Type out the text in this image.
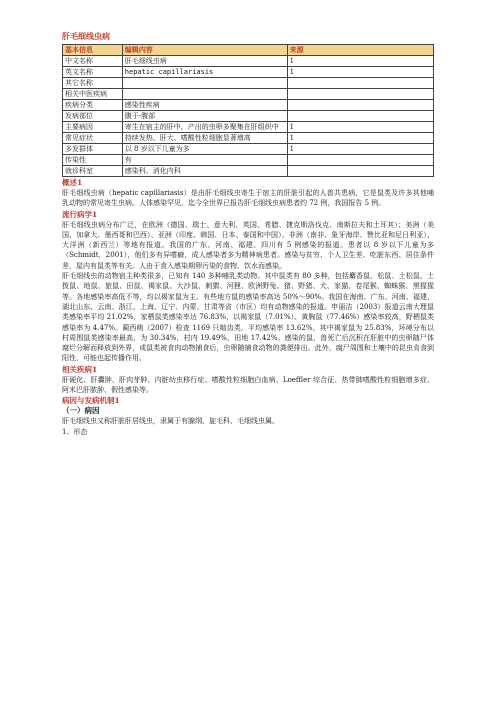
肝毛细线虫病
基本信息	编辑内容	来源
中文名称	肝毛细线虫病	1
英文名称	hepatic capillariasis	1
其它名称		
相关中医疾病		
疾病分类	感染性疾病	
发病部位	腹于-腹部	
主要病因	寄生在宿主的肝中，产出的虫卵多聚集在肝组织中	1
常见症状	持续发热、肝大、嗜酸性粒细胞显著增高	1
多发群体	以 8 岁以下儿童为多	1
传染性	有	
就诊科室	感染科、消化内科	
概述1

肝毛细线虫病（hepatic capillariasis）是由肝毛细线虫寄生于宿主的肝脏引起的人兽共患病，它是鼠类及许多其他哺乳动物的常见寄生虫病。人体感染罕见，迄今全世界已报告肝毛细线虫病患者约 72 例，我国报告 5 例。

流行病学1

肝毛细线虫病分布广泛，在欧洲（德国、瑞士、意大利、英国、希腊、捷克斯洛伐克、南斯拉夫和土耳其）；美洲（美国、加拿大、墨西哥和巴西）、亚洲（印度、韩国、日本、泰国和中国）、非洲（南非、象牙海岸、赞比亚和尼日利亚）、大洋洲（新西兰）等地有报道。我国的广东、河南、福建、四川有 5 例感染的报道。患者以 8 岁以下儿童为多（Schmidt，2001），他们多有异嗜癖，成人感染者多为精神病患者。感染与贫穷、个人卫生差、吃脏东西、居住条件差，屋内有鼠类等有关。人由于食入感染期卵污染的食物、饮水而感染。

肝毛细线虫的动物宿主种类很多，已知有 140 多种哺乳类动物。其中鼠类有 80 多种，包括麝香鼠、松鼠、土松鼠、土拨鼠、地鼠、旅鼠、田鼠、褐家鼠、大沙鼠、刺猬、河狸、欧洲野兔、猪、野猪、犬、家猫、卷尾猴、蜘蛛猴、黑猩猩等。各地感染率高低不等，均以褐家鼠为主。有些地方鼠的感染率高达 50%～90%。我国在海南、广东、河南、福建、湖北山东、云南、浙江、上海、辽宁、内蒙、甘肃等省（市区）均有动物感染的报道。申丽洁（2003）报道云南大理鼠类感染率平均 21.02%，家栖鼠类感染率达 76.83%，以褐家鼠（7.01%）、黄胸鼠（77.46%）感染率较高，野栖鼠类感染率为 4.47%。蔺西萌（2007）检查 1169 只啮齿类，平均感染率 13.62%，其中褐家鼠为 25.83%，环境分布以村周围鼠类感染率最高，为 30.34%，村内 19.49%，田地 17.42%。感染的鼠、兽死亡后沉积在肝脏中的虫卵随尸体腐烂分解而释放到外界，或鼠类被食肉动物捕食后，虫卵随捕食动物的粪便排出。此外，腐尸周围和土壤中的昆虫肯食到阳性，可能也起传播作用。

相关疾病1

肝硬化、肝囊肿、肝肉芽肿、内脏幼虫移行症、嗜酸性粒细胞白血病、Loeffler 综合征、热带肺嗜酸性粒细胞增多症、阿米巴肝脓肿、假性感染等。

病因与发病机制1
（一）病因

肝毛细线虫又称肝脏肝居线虫，隶属于有腺纲、旋毛科、毛细线虫属。

1、形态
